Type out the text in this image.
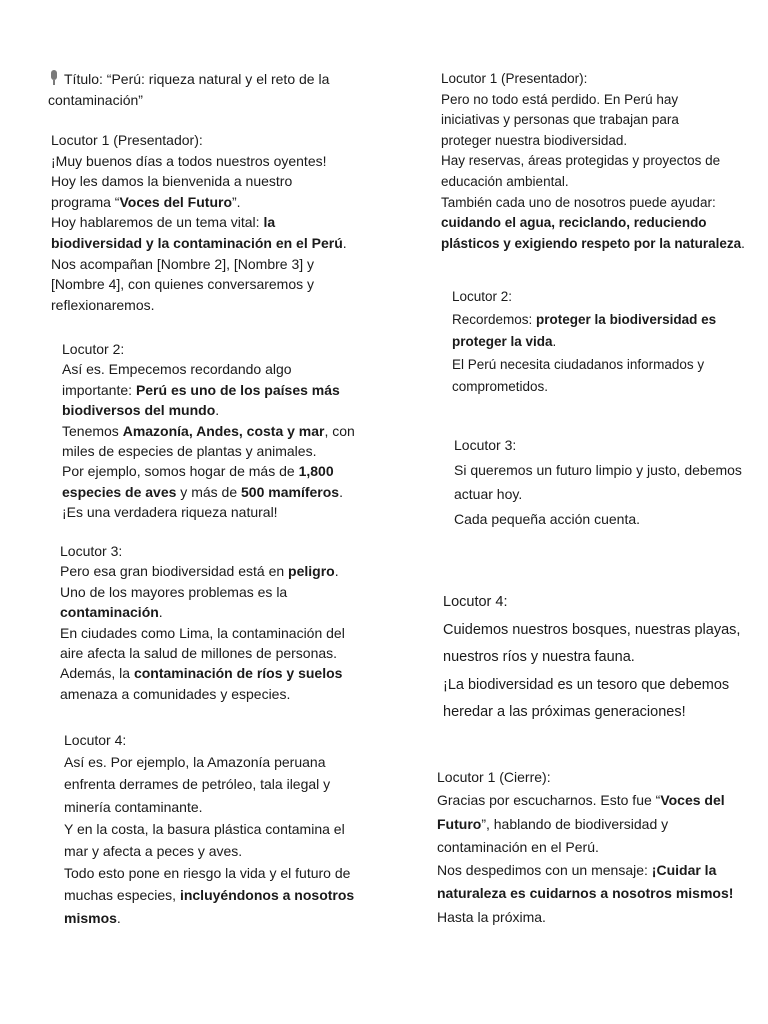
Título: “Perú: riqueza natural y el reto de la

contaminación”

Locutor 1 (Presentador):

¡Muy buenos días a todos nuestros oyentes!

Hoy les damos la bienvenida a nuestro

programa “Voces del Futuro”.

Hoy hablaremos de un tema vital: la

biodiversidad y la contaminación en el Perú.

Nos acompañan [Nombre 2], [Nombre 3] y

[Nombre 4], con quienes conversaremos y

reflexionaremos.

Locutor 2:

Así es. Empecemos recordando algo

importante: Perú es uno de los países más

biodiversos del mundo.

Tenemos Amazonía, Andes, costa y mar, con

miles de especies de plantas y animales.

Por ejemplo, somos hogar de más de 1,800

especies de aves y más de 500 mamíferos.

¡Es una verdadera riqueza natural!

Locutor 3:

Pero esa gran biodiversidad está en peligro.

Uno de los mayores problemas es la

contaminación.

En ciudades como Lima, la contaminación del

aire afecta la salud de millones de personas.

Además, la contaminación de ríos y suelos

amenaza a comunidades y especies.

Locutor 4:

Así es. Por ejemplo, la Amazonía peruana

enfrenta derrames de petróleo, tala ilegal y

minería contaminante.

Y en la costa, la basura plástica contamina el

mar y afecta a peces y aves.

Todo esto pone en riesgo la vida y el futuro de

muchas especies, incluyéndonos a nosotros

mismos.

Locutor 1 (Presentador):

Pero no todo está perdido. En Perú hay

iniciativas y personas que trabajan para

proteger nuestra biodiversidad.

Hay reservas, áreas protegidas y proyectos de

educación ambiental.

También cada uno de nosotros puede ayudar:

cuidando el agua, reciclando, reduciendo

plásticos y exigiendo respeto por la naturaleza.

Locutor 2:

Recordemos: proteger la biodiversidad es

proteger la vida.

El Perú necesita ciudadanos informados y

comprometidos.

Locutor 3:

Si queremos un futuro limpio y justo, debemos

actuar hoy.

Cada pequeña acción cuenta.

Locutor 4:

Cuidemos nuestros bosques, nuestras playas,

nuestros ríos y nuestra fauna.

¡La biodiversidad es un tesoro que debemos

heredar a las próximas generaciones!

Locutor 1 (Cierre):

Gracias por escucharnos. Esto fue “Voces del

Futuro”, hablando de biodiversidad y

contaminación en el Perú.

Nos despedimos con un mensaje: ¡Cuidar la

naturaleza es cuidarnos a nosotros mismos!

Hasta la próxima.
